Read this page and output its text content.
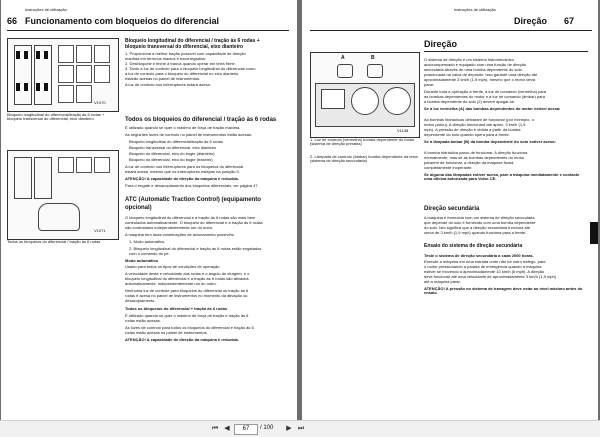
Instruções de utilização
66 Funcionamento com bloqueios do diferencial
V1070
Bloqueio longitudinal do diferencial/tração às 6 rodas + bloqueio transversal do diferencial, eixo dianteiro
V1071
Todos os bloqueios do diferencial / tração às 6 rodas
Bloqueio longitudinal do diferencial / tração às 6 rodas +
bloqueio transversal do diferencial, eixo dianteiro
1. Proporciona a melhor tração possível com capacidade de direção
mantida em terrenos macios e escorregadios.
2. Desbloqueie e feche a tranca quando operar em terra firme.
3. Tanto a luz de controlo para o bloqueio longitudinal do diferencial como
a luz de controlo para o bloqueio do diferencial no eixo dianteiro
estarão acesas no painel de instrumentos.
A luz de controlo nos interruptores estará acesa.
Todos os bloqueios do diferencial / tração às 6 rodas
É utilizado quando se quer o máximo de força de tração máxima.
As seguintes luzes de controlo no painel de instrumentos estão acesas:
Bloqueio longitudinal do diferencial/tração às 6 rodas
Bloqueio transversal do diferencial, eixo dianteiro
Bloqueio do diferencial, eixo do bogie (dianteiro)
Bloqueio do diferencial, eixo do bogie (traseiro)
A luz de controlo nos interruptores para os bloqueios do diferencial
estará acesa, mesmo que os interruptores estejam na posição 0.
ATENÇÃO! A capacidade de direção da máquina é reduzida.
Para o engate e desacoplamento dos bloqueios diferenciais, ver página 47.
ATC (Automatic Traction Control) (equipamento
opcional)
O bloqueio longitudinal do diferencial e a tração às 6 rodas são mais bem
controlados automaticamente. O bloqueio do diferencial e a tração às 6 rodas
são controlados independentemente um do outro.
A máquina tem duas combinações de acionamento possíveis:
1. Modo automático.
2. Bloqueio longitudinal do diferencial e tração às 6 rodas estão engatados
com o comando do pé.
Modo automático
Usado para todos os tipos de condições de operação
A velocidade desta e velocidade das rodas e o ângulo de viragem, e o
bloqueio longitudinal do diferencial e a tração às 6 rodas são ativados
automaticamente, independentemente um do outro.
Nenhuma luz de controle para bloqueios do diferencial ou tração às 6
rodas é acesa no painel de instrumentos no momento da ativação ou
desacoplamento.
Todos os bloqueios do diferencial + tração às 6 rodas
É utilizado quando se quer o máximo de força de tração e tração às 6
rodas estão acesas.
As luzes de controlo para todos os bloqueios do diferencial e tração às 6
rodas estão acesas no painel de instrumentos.
ATENÇÃO! A capacidade de direção da máquina é reduzida.
Instruções de utilização
Direção 67
Direção
A	B
V1138
1. Luz de controlo (vermelha) bomba dependente do motor (sistema de direção primária)
2. Lâmpada de controlo (âmbar) bomba dependente da terra (sistema de direção secundária)
O sistema de direção é um sistema hidromecânico
autocompensado e equipado com uma função de direção
secundária através de uma bomba dependente do solo
posicionada na caixa de depósito. Isso garante uma direção até
aproximadamente 3 km/h (1,9 mph), mesmo que o motor deva
parar.
Durante toda a operação à frente, a luz de comando (vermelha) para
as bombas dependentes do motor e a luz de comando (âmbar) para
a bomba dependente do solo (2) devem apagar-se.
Se a luz vermelha (A) das bombas dependentes do motor estiver acesa:
As bombas hidráulicas deixaram de funcionar (por exemplo, o
motor parou). A direção funcionará até aprox. 3 km/h (1,9
mph). A pressão de direção é obtida a partir da bomba
dependente do solo quando opera para a frente.
Se a lâmpada âmbar (B) da bomba dependente do solo estiver acesa:
A bomba hidráulica parou de funcionar. A direção funciona
normalmente, mas se as bombas dependentes do motor
pararem de funcionar, a direção da máquina ficará
completamente inoperante.
Se alguma das lâmpadas estiver acesa, pare a máquina imediatamente e contacte uma oficina autorizada para Volvo CE.
Direção secundária
A máquina é fornecida com um sistema de direção secundária
que depende do solo é fornecido com uma bomba dependente
do solo. Isto significa que a direção secundária funciona até
cerca de 3 km/h (1,9 mph) quando funciona para a frente.
Ensaio do sistema de direção secundária
Teste o sistema de direção secundária a cada 2000 horas.
Execute a máquina em uma estrada onde não há outro tráfego, pare
o motor pressionando a parada de emergência quando a máquina
estiver se movendo a aproximadamente 10 km/h (6 mph). A direção
deve funcionar até uma velocidade de aproximadamente 3 km/h (1,9 mph)
até a máquina parar.
ATENÇÃO! A pressão no sistema de travagem deve estar ao nível máximo antes do ensaio.
⏮ ◀	67	/ 100	▶ ⏭
